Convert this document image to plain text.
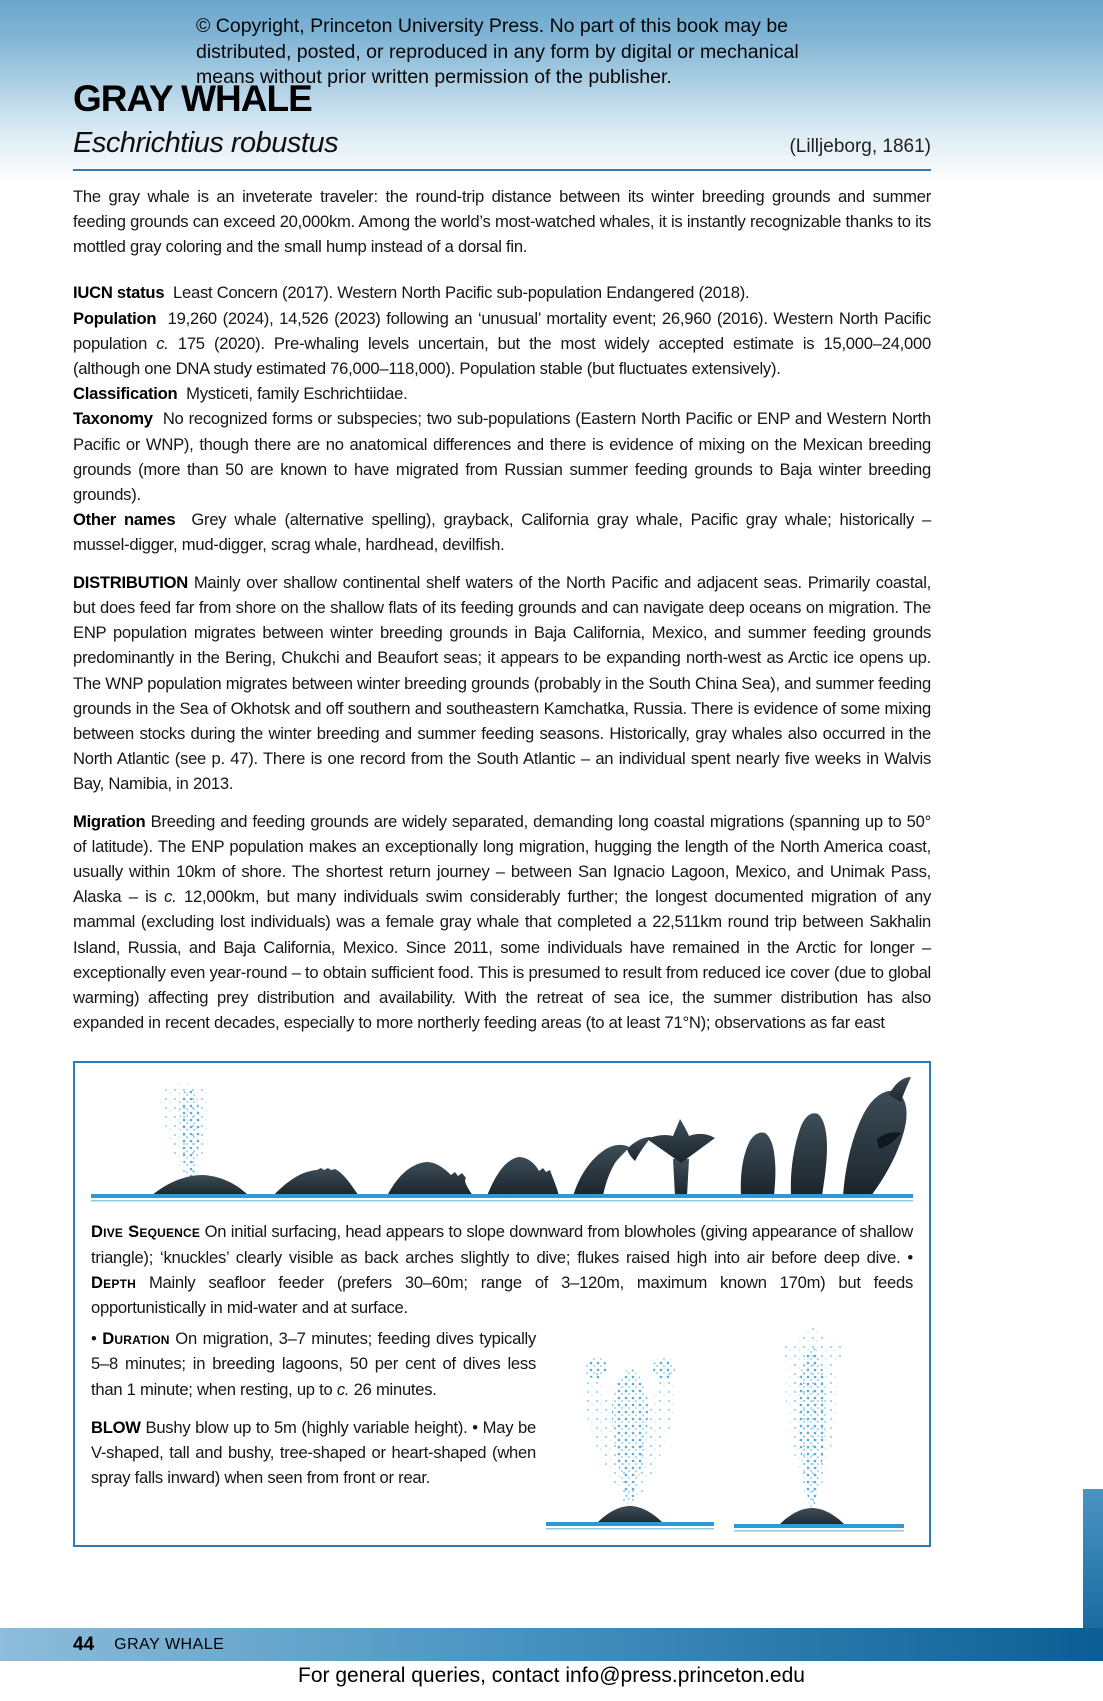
© Copyright, Princeton University Press. No part of this book may be distributed, posted, or reproduced in any form by digital or mechanical means without prior written permission of the publisher.

GRAY WHALE
Eschrichtius robustus	(Lilljeborg, 1861)

The gray whale is an inveterate traveler: the round-trip distance between its winter breeding grounds and summer feeding grounds can exceed 20,000km. Among the world’s most-watched whales, it is instantly recognizable thanks to its mottled gray coloring and the small hump instead of a dorsal fin.

IUCN status  Least Concern (2017). Western North Pacific sub-population Endangered (2018).

Population  19,260 (2024), 14,526 (2023) following an ‘unusual’ mortality event; 26,960 (2016). Western North Pacific population c. 175 (2020). Pre-whaling levels uncertain, but the most widely accepted estimate is 15,000–24,000 (although one DNA study estimated 76,000–118,000). Population stable (but fluctuates extensively).

Classification  Mysticeti, family Eschrichtiidae.

Taxonomy  No recognized forms or subspecies; two sub-populations (Eastern North Pacific or ENP and Western North Pacific or WNP), though there are no anatomical differences and there is evidence of mixing on the Mexican breeding grounds (more than 50 are known to have migrated from Russian summer feeding grounds to Baja winter breeding grounds).

Other names  Grey whale (alternative spelling), grayback, California gray whale, Pacific gray whale; historically – mussel-digger, mud-digger, scrag whale, hardhead, devilfish.

DISTRIBUTION Mainly over shallow continental shelf waters of the North Pacific and adjacent seas. Primarily coastal, but does feed far from shore on the shallow flats of its feeding grounds and can navigate deep oceans on migration. The ENP population migrates between winter breeding grounds in Baja California, Mexico, and summer feeding grounds predominantly in the Bering, Chukchi and Beaufort seas; it appears to be expanding north-west as Arctic ice opens up. The WNP population migrates between winter breeding grounds (probably in the South China Sea), and summer feeding grounds in the Sea of Okhotsk and off southern and southeastern Kamchatka, Russia. There is evidence of some mixing between stocks during the winter breeding and summer feeding seasons. Historically, gray whales also occurred in the North Atlantic (see p. 47). There is one record from the South Atlantic – an individual spent nearly five weeks in Walvis Bay, Namibia, in 2013.

Migration Breeding and feeding grounds are widely separated, demanding long coastal migrations (spanning up to 50° of latitude). The ENP population makes an exceptionally long migration, hugging the length of the North America coast, usually within 10km of shore. The shortest return journey – between San Ignacio Lagoon, Mexico, and Unimak Pass, Alaska – is c. 12,000km, but many individuals swim considerably further; the longest documented migration of any mammal (excluding lost individuals) was a female gray whale that completed a 22,511km round trip between Sakhalin Island, Russia, and Baja California, Mexico. Since 2011, some individuals have remained in the Arctic for longer – exceptionally even year-round – to obtain sufficient food. This is presumed to result from reduced ice cover (due to global warming) affecting prey distribution and availability. With the retreat of sea ice, the summer distribution has also expanded in recent decades, especially to more northerly feeding areas (to at least 71°N); observations as far east

Dive Sequence On initial surfacing, head appears to slope downward from blowholes (giving appearance of shallow triangle); ‘knuckles’ clearly visible as back arches slightly to dive; flukes raised high into air before deep dive. • Depth Mainly seafloor feeder (prefers 30–60m; range of 3–120m, maximum known 170m) but feeds opportunistically in mid-water and at surface.

• Duration On migration, 3–7 minutes; feeding dives typically 5–8 minutes; in breeding lagoons, 50 per cent of dives less than 1 minute; when resting, up to c. 26 minutes.

BLOW Bushy blow up to 5m (highly variable height). • May be V-shaped, tall and bushy, tree-shaped or heart-shaped (when spray falls inward) when seen from front or rear.

44 GRAY WHALE

For general queries, contact info@press.princeton.edu
